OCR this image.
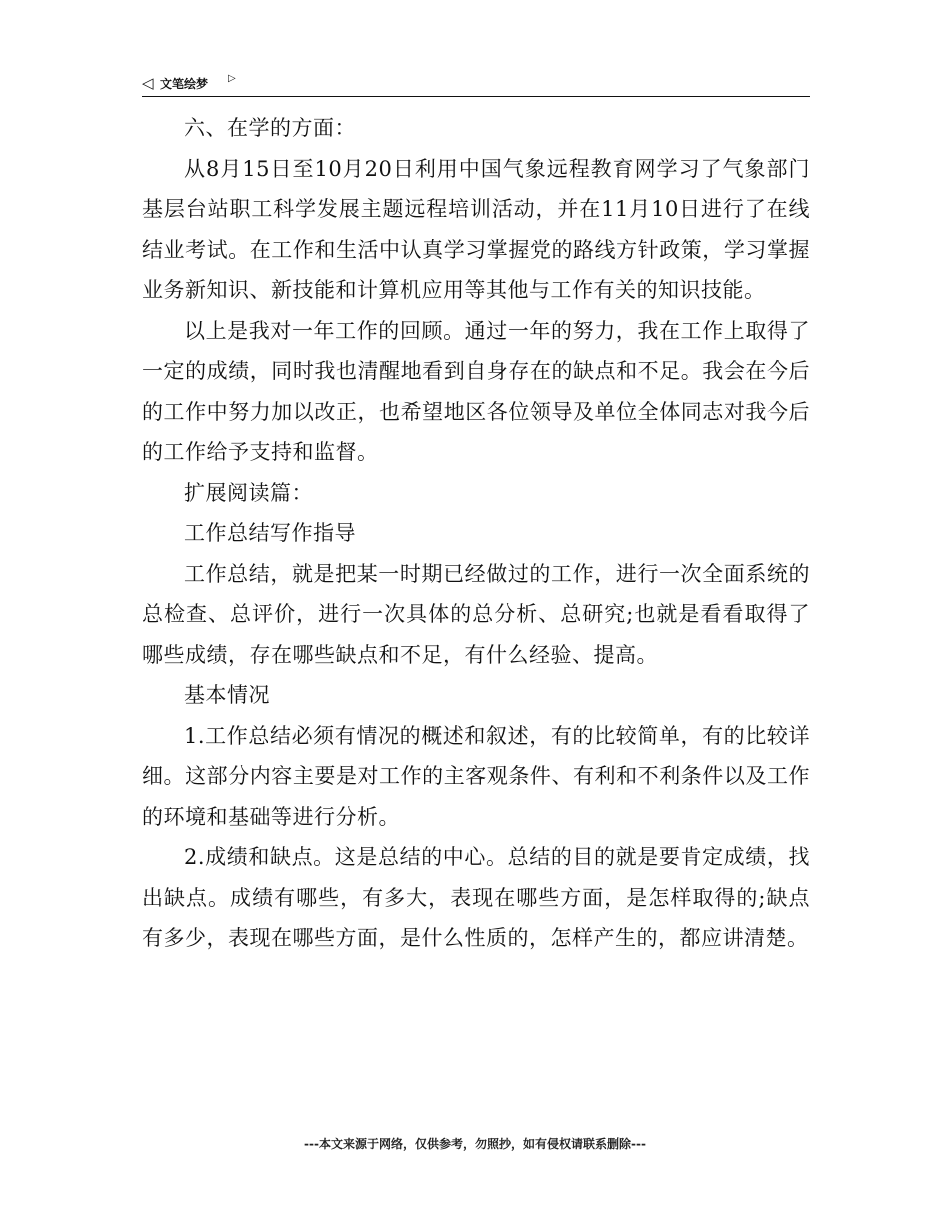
◁ 文笔绘梦 ▷

六、在学的方面：

从8月15日至10月20日利用中国气象远程教育网学习了气象部门基层台站职工科学发展主题远程培训活动，并在11月10日进行了在线结业考试。在工作和生活中认真学习掌握党的路线方针政策，学习掌握业务新知识、新技能和计算机应用等其他与工作有关的知识技能。

以上是我对一年工作的回顾。通过一年的努力，我在工作上取得了一定的成绩，同时我也清醒地看到自身存在的缺点和不足。我会在今后的工作中努力加以改正，也希望地区各位领导及单位全体同志对我今后的工作给予支持和监督。

扩展阅读篇：

工作总结写作指导

工作总结，就是把某一时期已经做过的工作，进行一次全面系统的总检查、总评价，进行一次具体的总分析、总研究;也就是看看取得了哪些成绩，存在哪些缺点和不足，有什么经验、提高。

基本情况

1.工作总结必须有情况的概述和叙述，有的比较简单，有的比较详细。这部分内容主要是对工作的主客观条件、有利和不利条件以及工作的环境和基础等进行分析。

2.成绩和缺点。这是总结的中心。总结的目的就是要肯定成绩，找出缺点。成绩有哪些，有多大，表现在哪些方面，是怎样取得的;缺点有多少，表现在哪些方面，是什么性质的，怎样产生的，都应讲清楚。

---本文来源于网络，仅供参考，勿照抄，如有侵权请联系删除---
